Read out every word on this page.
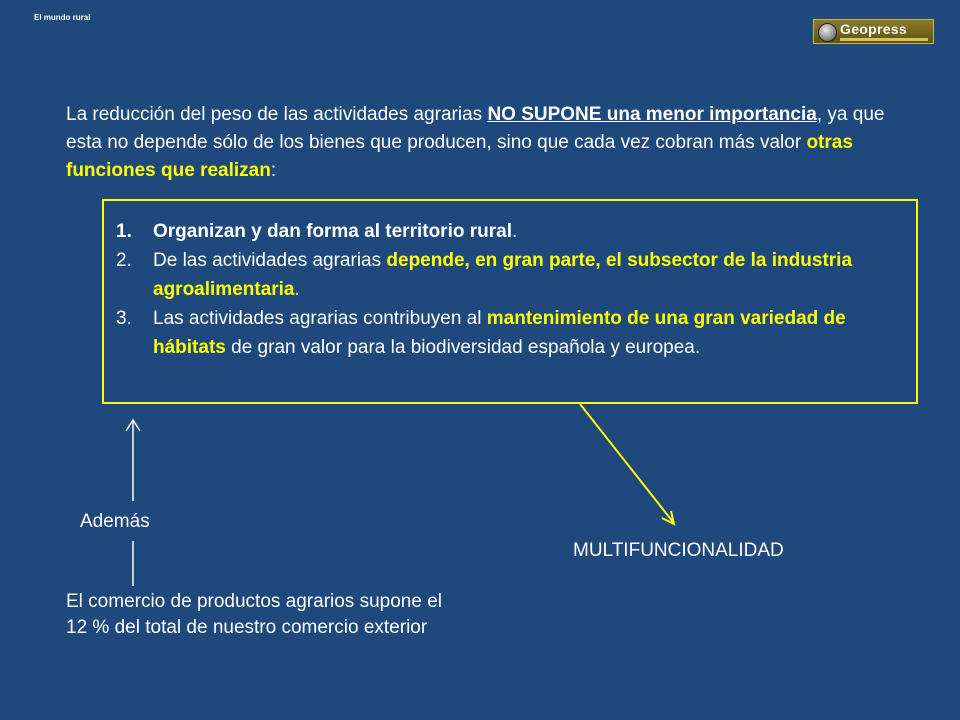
El mundo rural
Geopress

La reducción del peso de las actividades agrarias NO SUPONE una menor importancia, ya que esta no depende sólo de los bienes que producen, sino que cada vez cobran más valor otras funciones que realizan:

1. Organizan y dan forma al territorio rural.
2. De las actividades agrarias depende, en gran parte, el subsector de la industria agroalimentaria.
3. Las actividades agrarias contribuyen al mantenimiento de una gran variedad de hábitats de gran valor para la biodiversidad española y europea.
Además
MULTIFUNCIONALIDAD
El comercio de productos agrarios supone el 12 % del total de nuestro comercio exterior
